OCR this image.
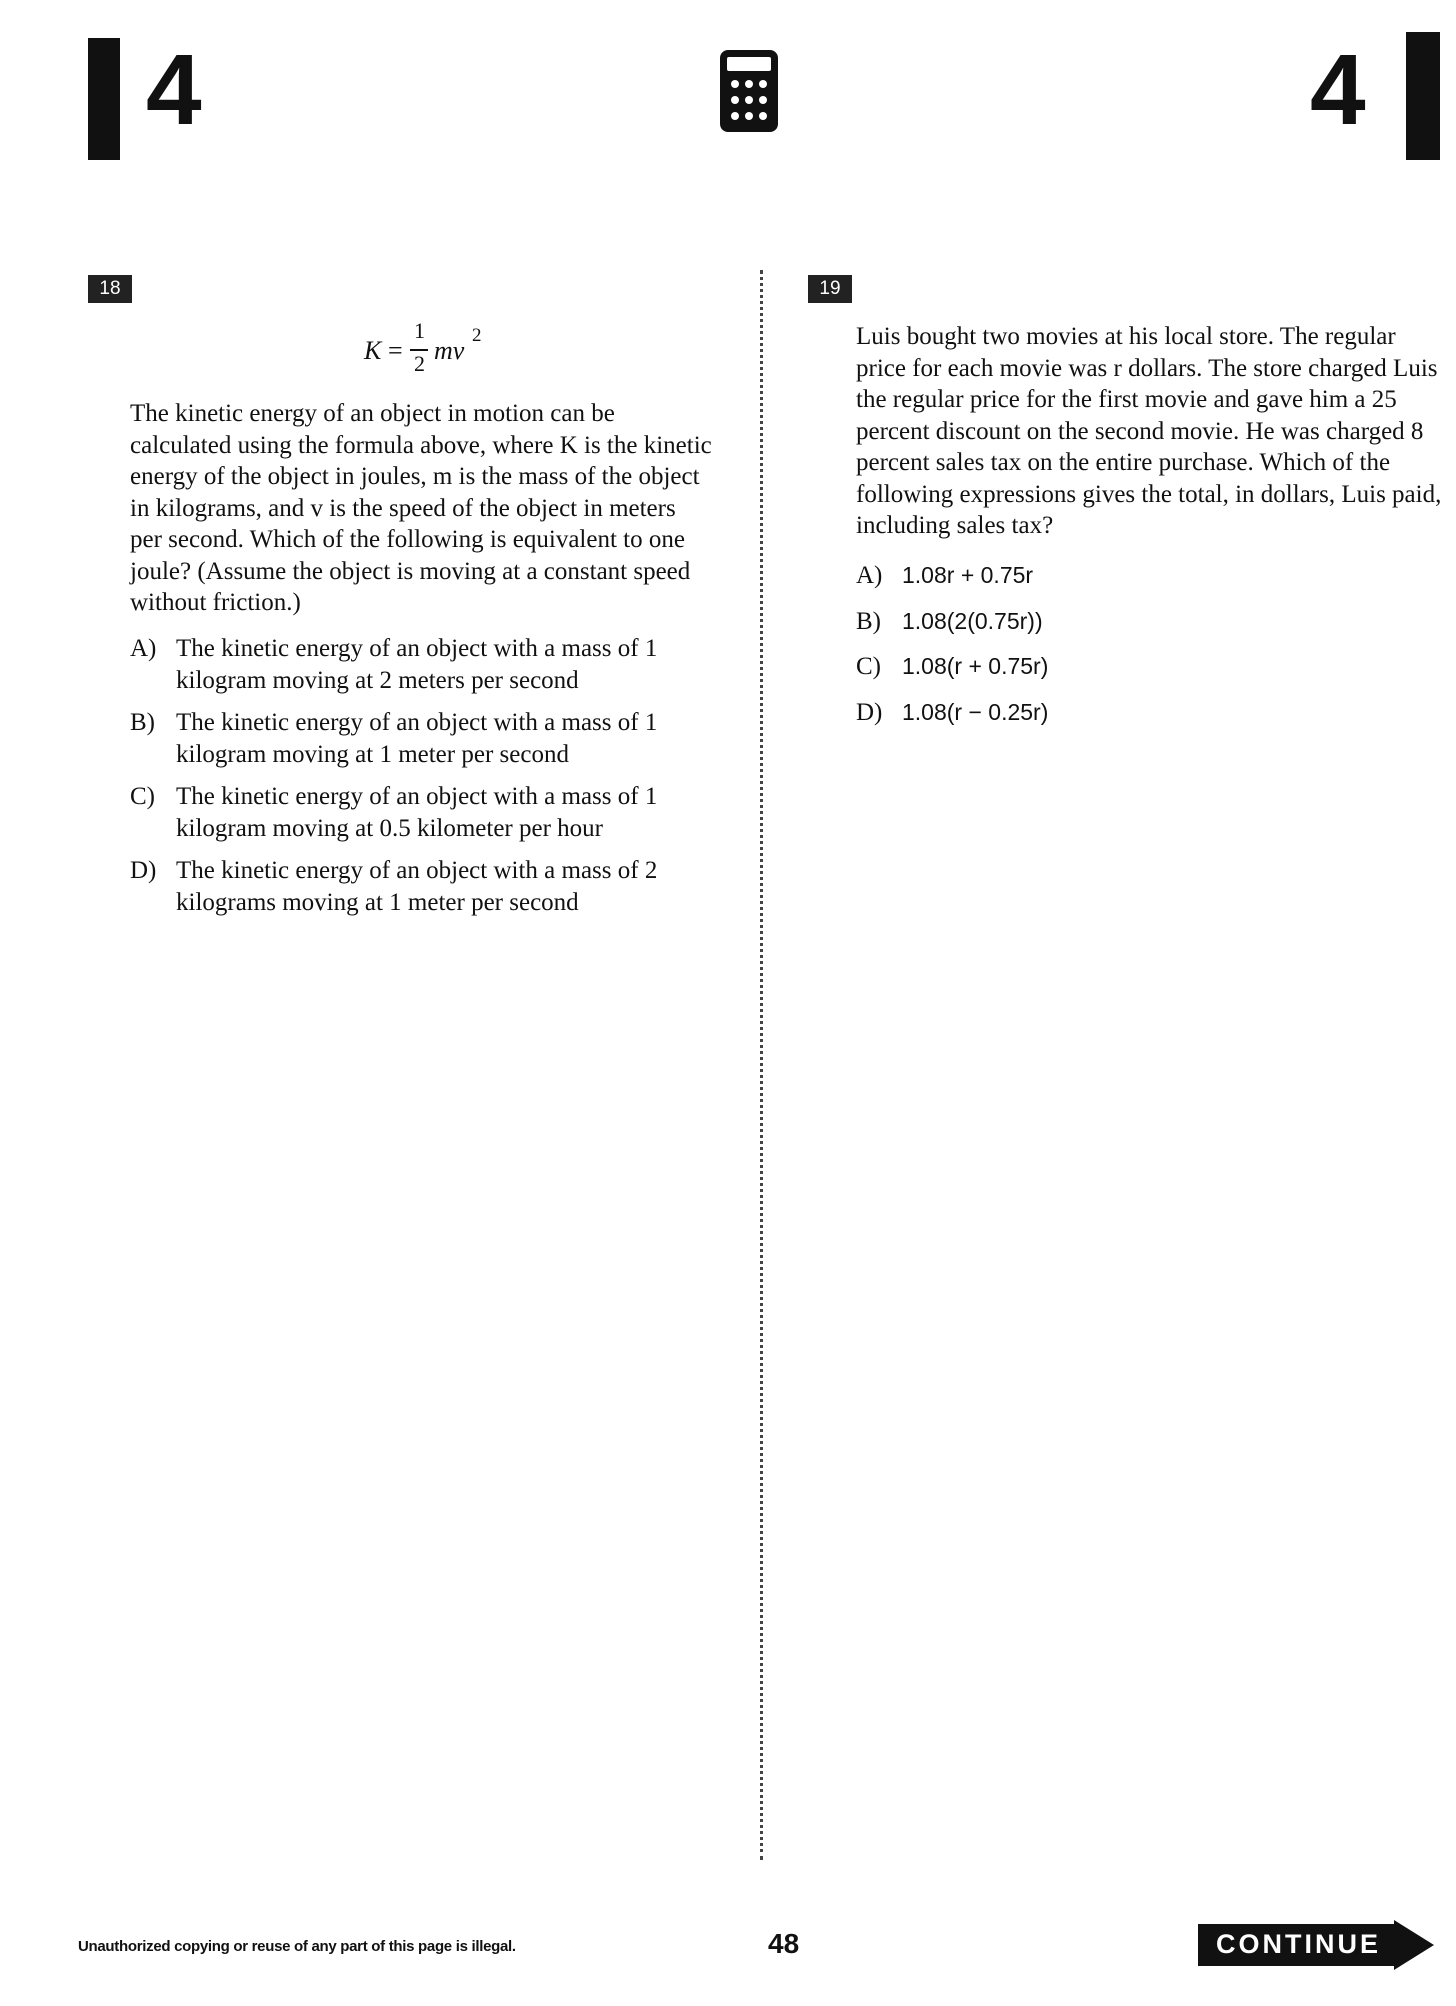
4	4
18
K =
1
2 mv
2

The kinetic energy of an object in motion can be calculated using the formula above, where K is the kinetic energy of the object in joules, m is the mass of the object in kilograms, and v is the speed of the object in meters per second. Which of the following is equivalent to one joule? (Assume the object is moving at a constant speed without friction.)

A) The kinetic energy of an object with a mass of 1 kilogram moving at 2 meters per second
B) The kinetic energy of an object with a mass of 1 kilogram moving at 1 meter per second
C) The kinetic energy of an object with a mass of 1 kilogram moving at 0.5 kilometer per hour
D) The kinetic energy of an object with a mass of 2 kilograms moving at 1 meter per second
19

Luis bought two movies at his local store. The regular price for each movie was r dollars. The store charged Luis the regular price for the first movie and gave him a 25 percent discount on the second movie. He was charged 8 percent sales tax on the entire purchase. Which of the following expressions gives the total, in dollars, Luis paid, including sales tax?

A) 1.08r + 0.75r
B) 1.08(2(0.75r))
C) 1.08(r + 0.75r)
D) 1.08(r − 0.25r)
Unauthorized copying or reuse of any part of this page is illegal.	48	CONTINUE
